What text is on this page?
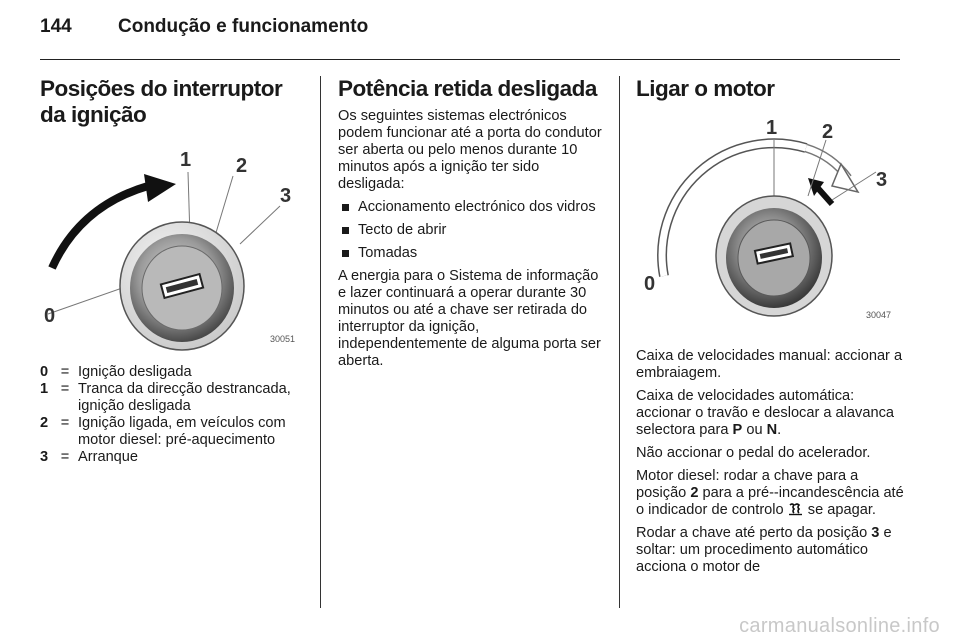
144 Condução e funcionamento
Posições do interruptor da ignição
0
1 2
3
30051
0 = Ignição desligada
1 = Tranca da direcção destrancada, ignição desligada
2 = Ignição ligada, em veículos com motor diesel: pré-aquecimento
3 = Arranque
Potência retida desligada

Os seguintes sistemas electrónicos podem funcionar até a porta do condutor ser aberta ou pelo menos durante 10 minutos após a ignição ter sido desligada:

Accionamento electrónico dos vidros
Tecto de abrir
Tomadas

A energia para o Sistema de informação e lazer continuará a operar durante 30 minutos ou até a chave ser retirada do interruptor da ignição, independentemente de alguma porta ser aberta.

Ligar o motor
0
1 2
3
30047

Caixa de velocidades manual: accionar a embraiagem.

Caixa de velocidades automática: accionar o travão e deslocar a alavanca selectora para P ou N.

Não accionar o pedal do acelerador.

Motor diesel: rodar a chave para a posição 2 para a pré--incandescência até o indicador de controlo  se apagar.

Rodar a chave até perto da posição 3 e soltar: um procedimento automático acciona o motor de

carmanualsonline.info
